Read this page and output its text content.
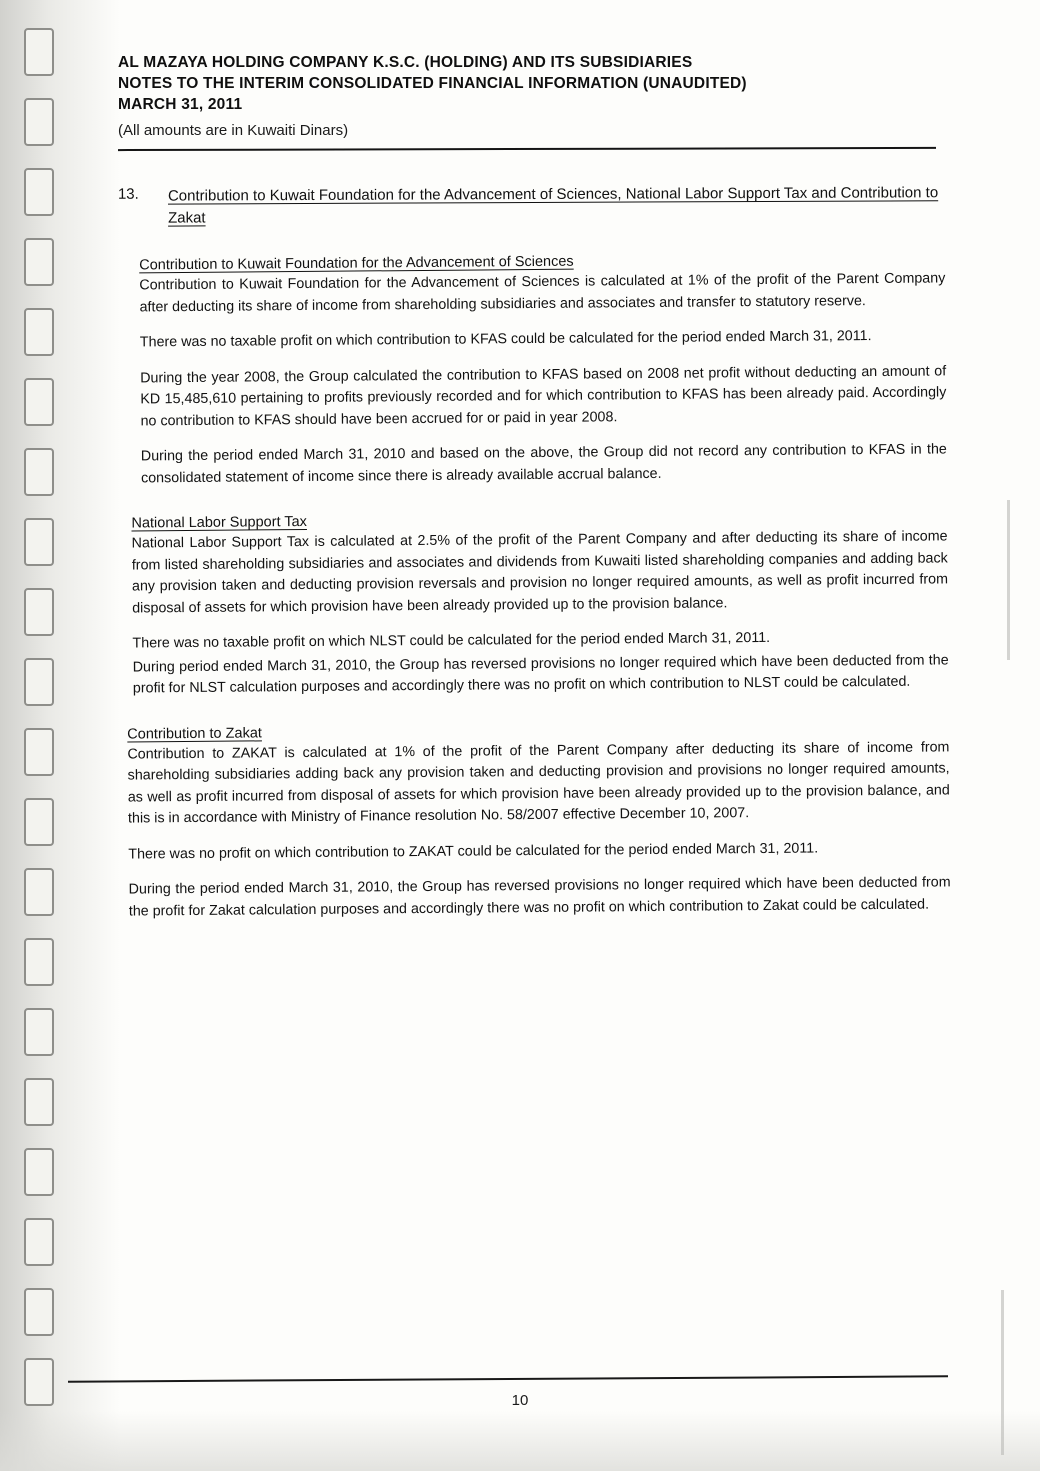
AL MAZAYA HOLDING COMPANY K.S.C. (HOLDING) AND ITS SUBSIDIARIES
NOTES TO THE INTERIM CONSOLIDATED FINANCIAL INFORMATION (UNAUDITED)
MARCH 31, 2011
(All amounts are in Kuwaiti Dinars)
13.	Contribution to Kuwait Foundation for the Advancement of Sciences, National Labor Support Tax and Contribution to Zakat
Contribution to Kuwait Foundation for the Advancement of Sciences

Contribution to Kuwait Foundation for the Advancement of Sciences is calculated at 1% of the profit of the Parent Company after deducting its share of income from shareholding subsidiaries and associates and transfer to statutory reserve.

There was no taxable profit on which contribution to KFAS could be calculated for the period ended March 31, 2011.

During the year 2008, the Group calculated the contribution to KFAS based on 2008 net profit without deducting an amount of KD 15,485,610 pertaining to profits previously recorded and for which contribution to KFAS has been already paid. Accordingly no contribution to KFAS should have been accrued for or paid in year 2008.

During the period ended March 31, 2010 and based on the above, the Group did not record any contribution to KFAS in the consolidated statement of income since there is already available accrual balance.

National Labor Support Tax

National Labor Support Tax is calculated at 2.5% of the profit of the Parent Company and after deducting its share of income from listed shareholding subsidiaries and associates and dividends from Kuwaiti listed shareholding companies and adding back any provision taken and deducting provision reversals and provision no longer required amounts, as well as profit incurred from disposal of assets for which provision have been already provided up to the provision balance.

There was no taxable profit on which NLST could be calculated for the period ended March 31, 2011.

During period ended March 31, 2010, the Group has reversed provisions no longer required which have been deducted from the profit for NLST calculation purposes and accordingly there was no profit on which contribution to NLST could be calculated.

Contribution to Zakat

Contribution to ZAKAT is calculated at 1% of the profit of the Parent Company after deducting its share of income from shareholding subsidiaries adding back any provision taken and deducting provision and provisions no longer required amounts, as well as profit incurred from disposal of assets for which provision have been already provided up to the provision balance, and this is in accordance with Ministry of Finance resolution No. 58/2007 effective December 10, 2007.

There was no profit on which contribution to ZAKAT could be calculated for the period ended March 31, 2011.

During the period ended March 31, 2010, the Group has reversed provisions no longer required which have been deducted from the profit for Zakat calculation purposes and accordingly there was no profit on which contribution to Zakat could be calculated.

10
